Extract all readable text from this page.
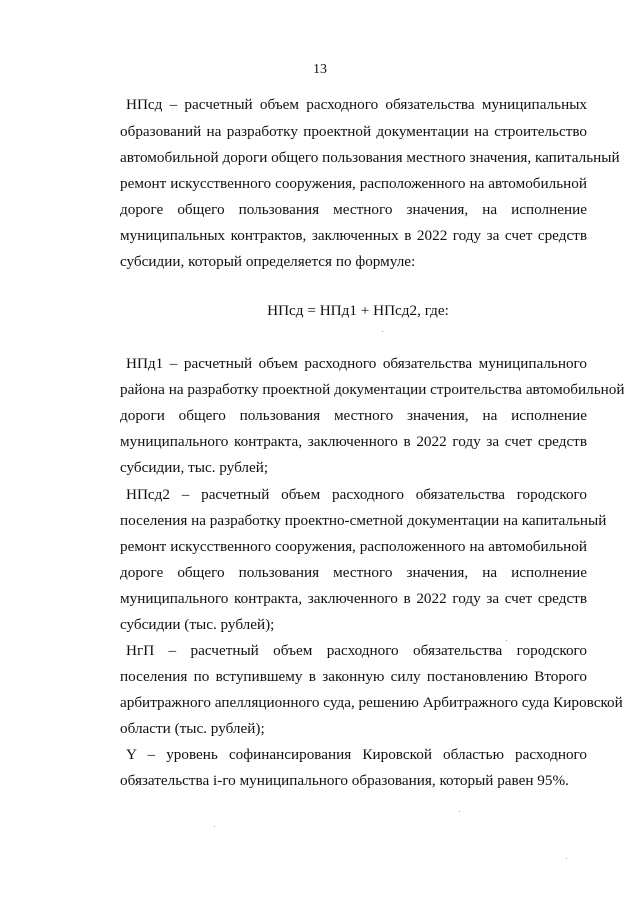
13
НПсд – расчетный объем расходного обязательства муниципальных
образований на разработку проектной документации на строительство
автомобильной дороги общего пользования местного значения, капитальный
ремонт искусственного сооружения, расположенного на автомобильной
дороге общего пользования местного значения, на исполнение
муниципальных контрактов, заключенных в 2022 году за счет средств
субсидии, который определяется по формуле:
НПсд = НПд1 + НПсд2, где:
НПд1 – расчетный объем расходного обязательства муниципального
района на разработку проектной документации строительства автомобильной
дороги общего пользования местного значения, на исполнение
муниципального контракта, заключенного в 2022 году за счет средств
субсидии, тыс. рублей;
НПсд2 – расчетный объем расходного обязательства городского
поселения на разработку проектно-сметной документации на капитальный
ремонт искусственного сооружения, расположенного на автомобильной
дороге общего пользования местного значения, на исполнение
муниципального контракта, заключенного в 2022 году за счет средств
субсидии (тыс. рублей);
НгП – расчетный объем расходного обязательства городского
поселения по вступившему в законную силу постановлению Второго
арбитражного апелляционного суда, решению Арбитражного суда Кировской
области (тыс. рублей);
Y – уровень софинансирования Кировской областью расходного
обязательства i-го муниципального образования, который равен 95%.
